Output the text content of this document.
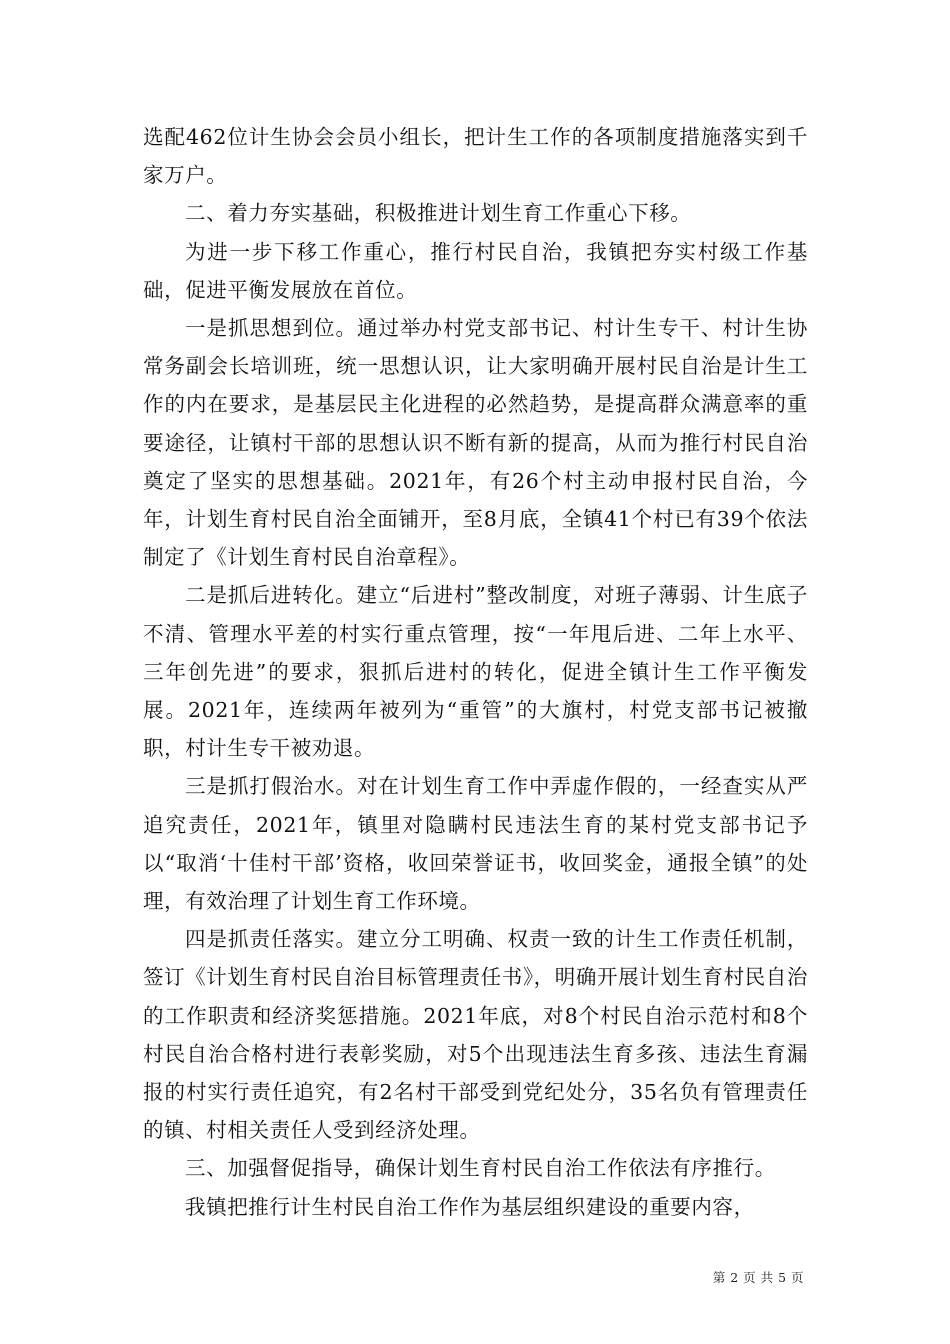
选配462位计生协会会员小组长，把计生工作的各项制度措施落实到千家万户。

二、着力夯实基础，积极推进计划生育工作重心下移。

为进一步下移工作重心，推行村民自治，我镇把夯实村级工作基础，促进平衡发展放在首位。

一是抓思想到位。通过举办村党支部书记、村计生专干、村计生协常务副会长培训班，统一思想认识，让大家明确开展村民自治是计生工作的内在要求，是基层民主化进程的必然趋势，是提高群众满意率的重要途径，让镇村干部的思想认识不断有新的提高，从而为推行村民自治奠定了坚实的思想基础。2021年，有26个村主动申报村民自治，今年，计划生育村民自治全面铺开，至8月底，全镇41个村已有39个依法制定了《计划生育村民自治章程》。

二是抓后进转化。建立“后进村”整改制度，对班子薄弱、计生底子不清、管理水平差的村实行重点管理，按“一年甩后进、二年上水平、三年创先进”的要求，狠抓后进村的转化，促进全镇计生工作平衡发展。2021年，连续两年被列为“重管”的大旗村，村党支部书记被撤职，村计生专干被劝退。

三是抓打假治水。对在计划生育工作中弄虚作假的，一经查实从严追究责任，2021年，镇里对隐瞒村民违法生育的某村党支部书记予以“取消‘十佳村干部’资格，收回荣誉证书，收回奖金，通报全镇”的处理，有效治理了计划生育工作环境。

四是抓责任落实。建立分工明确、权责一致的计生工作责任机制，签订《计划生育村民自治目标管理责任书》，明确开展计划生育村民自治的工作职责和经济奖惩措施。2021年底，对8个村民自治示范村和8个村民自治合格村进行表彰奖励，对5个出现违法生育多孩、违法生育漏报的村实行责任追究，有2名村干部受到党纪处分，35名负有管理责任的镇、村相关责任人受到经济处理。

三、加强督促指导，确保计划生育村民自治工作依法有序推行。

我镇把推行计生村民自治工作作为基层组织建设的重要内容，

第 2 页 共 5 页
